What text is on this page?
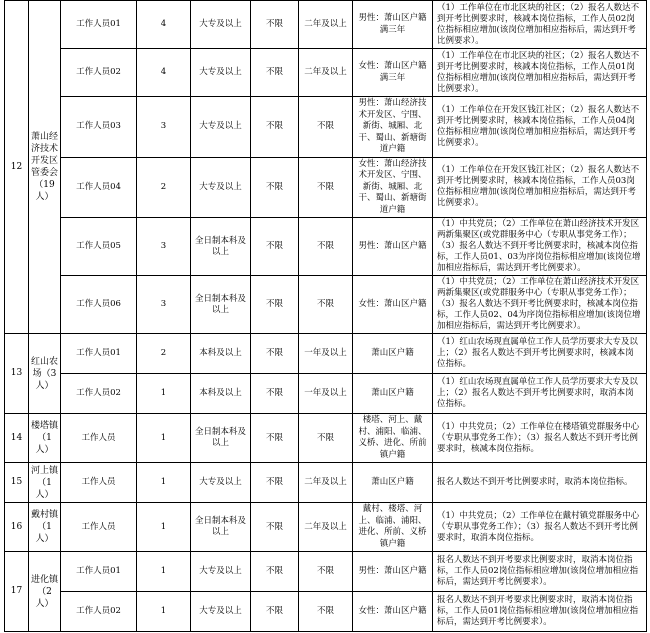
12	萧山经济技术开发区管委会（19人）	工作人员01	4	大专及以上	不限	二年及以上	男性：萧山区户籍满三年	（1）工作单位在市北区块的社区；（2）报名人数达不到开考比例要求时，核减本岗位指标，工作人员02岗位指标相应增加(该岗位增加相应指标后，需达到开考比例要求）。
		工作人员02	4	大专及以上	不限	二年及以上	女性：萧山区户籍满三年	（1）工作单位在市北区块的社区；（2）报名人数达不到开考比例要求时，核减本岗位指标，工作人员01岗位指标相应增加(该岗位增加相应指标后，需达到开考比例要求）。
		工作人员03	3	大专及以上	不限	不限	男性：萧山经济技术开发区、宁围、新街、城厢、北干、蜀山、新塘街道户籍	（1）工作单位在开发区钱江社区；（2）报名人数达不到开考比例要求时，核减本岗位指标，工作人员04岗位指标相应增加(该岗位增加相应指标后，需达到开考比例要求）。
		工作人员04	2	大专及以上	不限	不限	女性：萧山经济技术开发区、宁围、新街、城厢、北干、蜀山、新塘街道户籍	（1）工作单位在开发区钱江社区；（2）报名人数达不到开考比例要求时，核减本岗位指标，工作人员03岗位指标相应增加(该岗位增加相应指标后，需达到开考比例要求）。
		工作人员05	3	全日制本科及以上	不限	不限	男性：萧山区户籍	（1）中共党员；（2）工作单位在萧山经济技术开发区两新集聚区(或党群服务中心（专职从事党务工作）；（3）报名人数达不到开考比例要求时，核减本岗位指标，工作人员01、03为序岗位指标相应增加(该岗位增加相应指标后，需达到开考比例要求）。
		工作人员06	3	全日制本科及以上	不限	不限	女性：萧山区户籍	（1）中共党员；（2）工作单位在萧山经济技术开发区两新集聚区(或党群服务中心（专职从事党务工作）；（3）报名人数达不到开考比例要求时，核减本岗位指标，工作人员02、04为序岗位指标相应增加(该岗位增加相应指标后，需达到开考比例要求）。
13	红山农场（3人）	工作人员01	2	本科及以上	不限	一年及以上	萧山区户籍	（1）红山农场现直属单位工作人员学历要求大专及以上；（2）报名人数达不到开考比例要求时，核减本岗位指标。
		工作人员02	1	本科及以上	不限	一年及以上	萧山区户籍	（1）红山农场现直属单位工作人员学历要求大专及以上；（2）报名人数达不到开考比例要求时，取消本岗位指标。
14	楼塔镇（1人）	工作人员	1	全日制本科及以上	不限	不限	楼塔、河上、戴村、浦阳、临浦、义桥、进化、所前镇户籍	（1）中共党员；（2）工作单位在楼塔镇党群服务中心（专职从事党务工作）；（3）报名人数达不到开考比例要求时，核减本岗位指标。
15	河上镇（1人）	工作人员	1	大专及以上	不限	二年及以上	萧山区户籍	报名人数达不到开考比例要求时，取消本岗位指标。
16	戴村镇（1人）	工作人员	1	全日制本科及以上	不限	二年及以上	戴村、楼塔、河上、临浦、浦阳、进化、所前、义桥镇户籍	（1）中共党员；（2）工作单位在戴村镇党群服务中心（专职从事党务工作）；（3）报名人数达不到开考比例要求时，取消本岗位指标。
17	进化镇（2人）	工作人员01	1	大专及以上	不限	不限	男性：萧山区户籍	报名人数达不到开考要求比例要求时，取消本岗位指标，工作人员02岗位指标相应增加(该岗位增加相应指标后，需达到开考比例要求）。
		工作人员02	1	大专及以上	不限	不限	女性：萧山区户籍	报名人数达不到开考要求比例要求时，取消本岗位指标，工作人员01岗位指标相应增加(该岗位增加相应指标后，需达到开考比例要求）。
